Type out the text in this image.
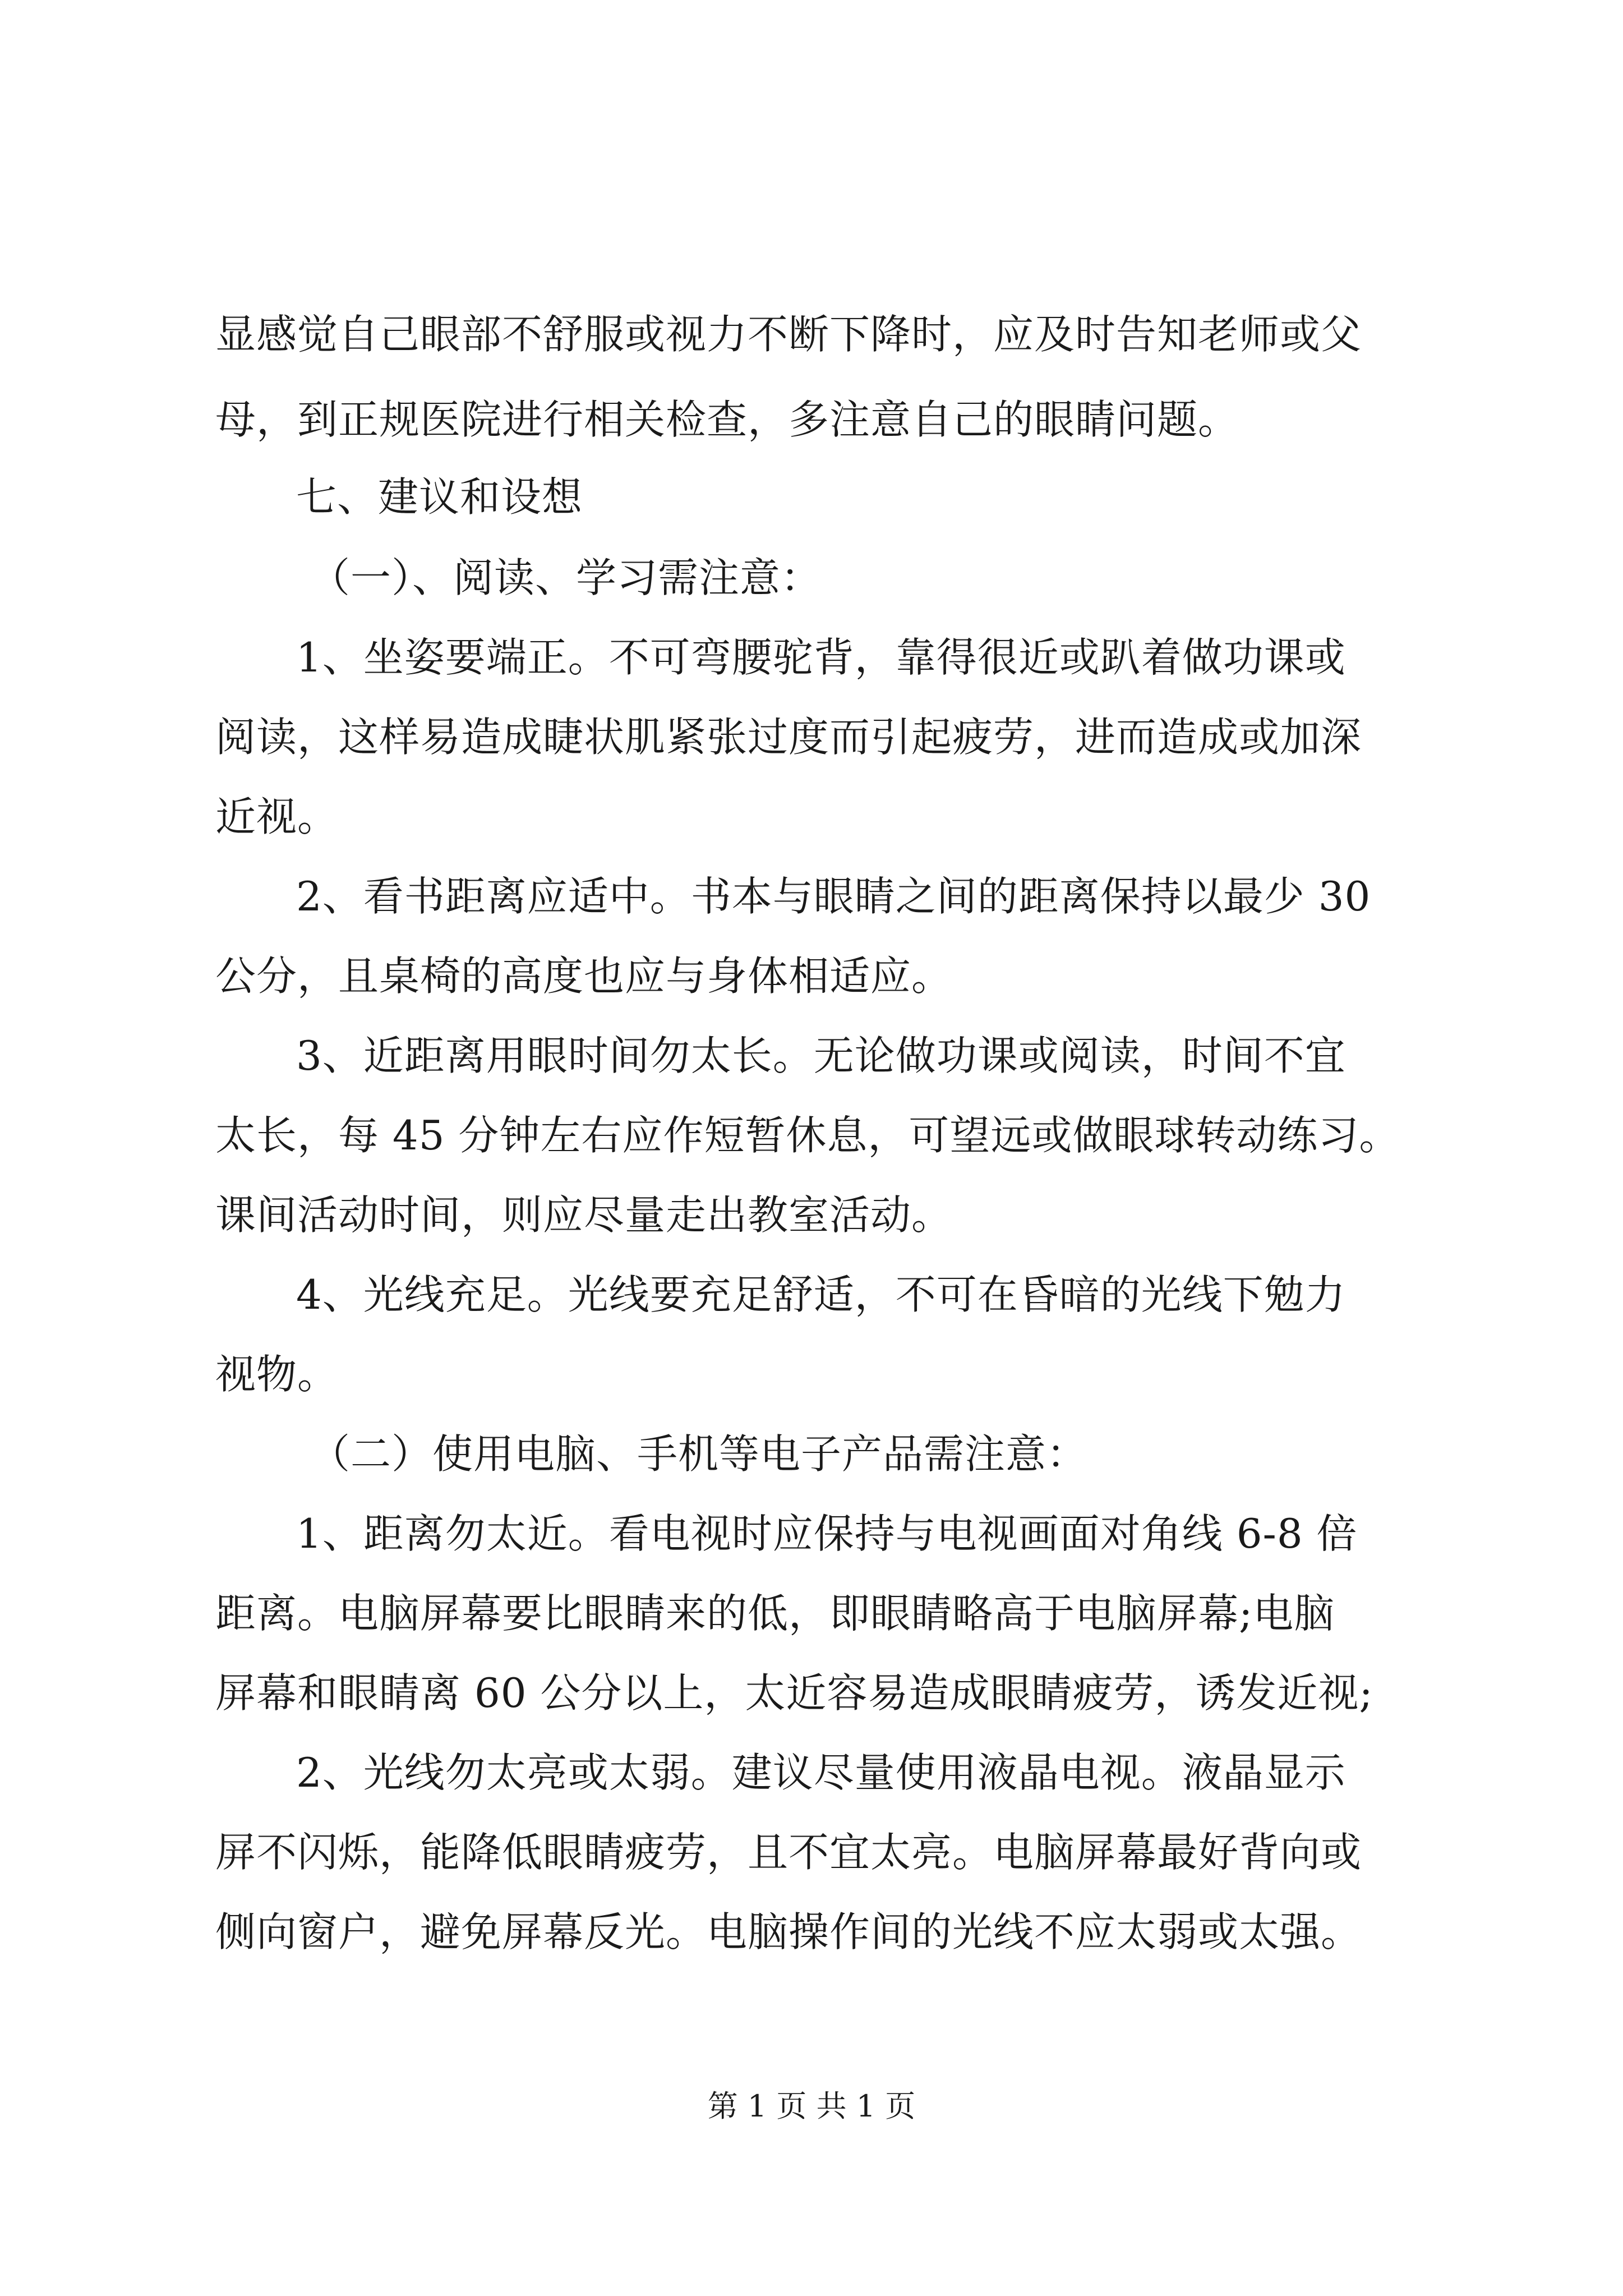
显感觉自己眼部不舒服或视力不断下降时，应及时告知老师或父
母，到正规医院进行相关检查，多注意自己的眼睛问题。
七、建议和设想
（一）、阅读、学习需注意：
1、坐姿要端正。不可弯腰驼背，靠得很近或趴着做功课或
阅读，这样易造成睫状肌紧张过度而引起疲劳，进而造成或加深
近视。
2、看书距离应适中。书本与眼睛之间的距离保持以最少 30
公分，且桌椅的高度也应与身体相适应。
3、近距离用眼时间勿太长。无论做功课或阅读，时间不宜
太长，每 45 分钟左右应作短暂休息，可望远或做眼球转动练习。
课间活动时间，则应尽量走出教室活动。
4、光线充足。光线要充足舒适，不可在昏暗的光线下勉力
视物。
（二）使用电脑、手机等电子产品需注意：
1、距离勿太近。看电视时应保持与电视画面对角线 6-8 倍
距离。电脑屏幕要比眼睛来的低，即眼睛略高于电脑屏幕;电脑
屏幕和眼睛离 60 公分以上，太近容易造成眼睛疲劳，诱发近视;
2、光线勿太亮或太弱。建议尽量使用液晶电视。液晶显示
屏不闪烁，能降低眼睛疲劳，且不宜太亮。电脑屏幕最好背向或
侧向窗户，避免屏幕反光。电脑操作间的光线不应太弱或太强。
第 1 页 共 1 页
